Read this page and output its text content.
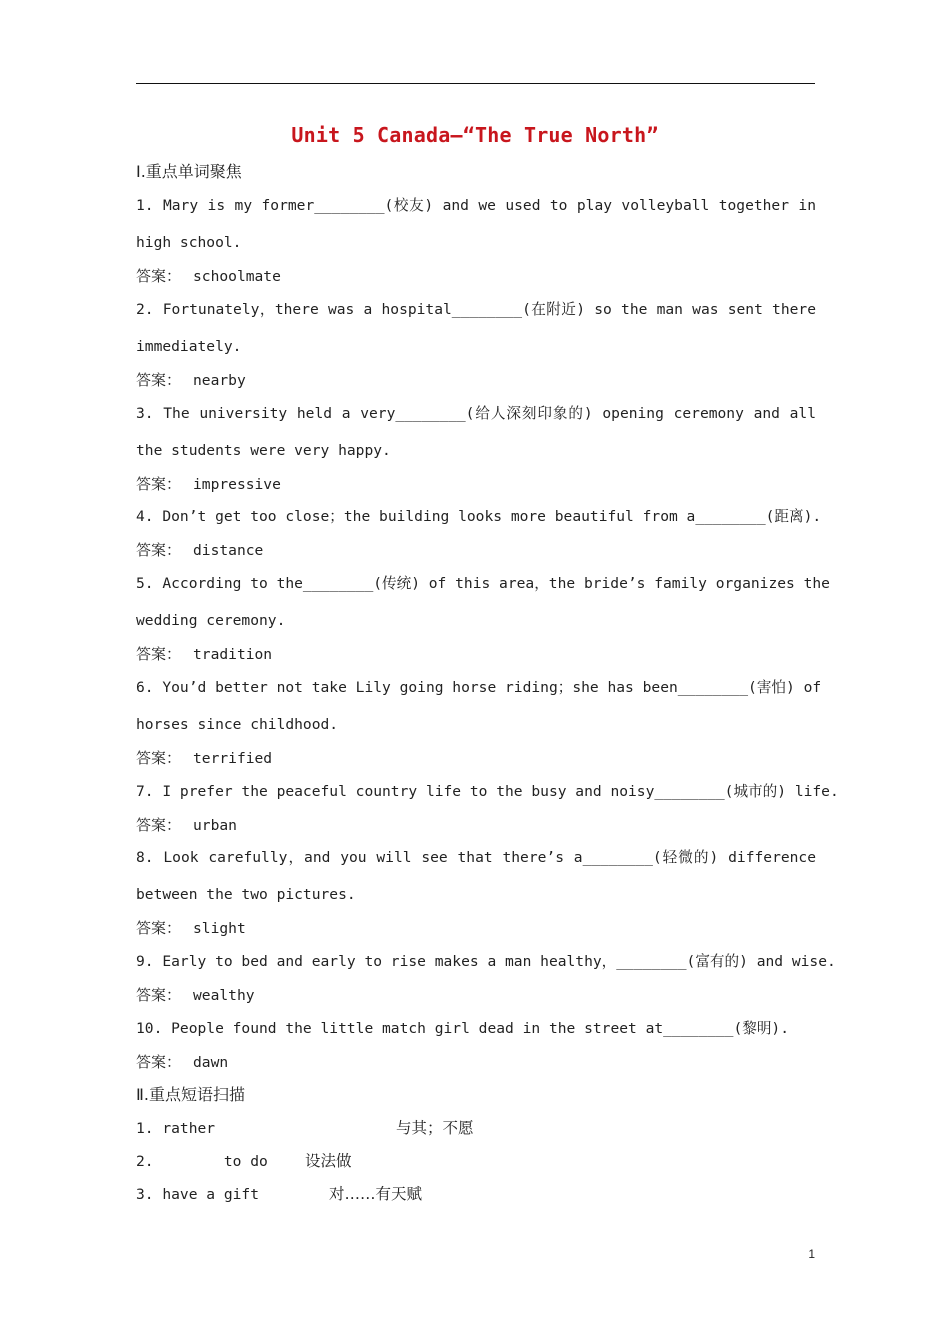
Unit 5 Canada—“The True North”
Ⅰ.重点单词聚焦
1. Mary is my former________(校友) and we used to play volleyball together in
high school.
答案： schoolmate
2. Fortunately，there was a hospital________(在附近) so the man was sent there
immediately.
答案： nearby
3. The university held a very________(给人深刻印象的) opening ceremony and all
the students were very happy.
答案： impressive
4. Don’t get too close；the building looks more beautiful from a________(距离).
答案： distance
5. According to the________(传统) of this area，the bride’s family organizes the
wedding ceremony.
答案： tradition
6. You’d better not take Lily going horse riding；she has been________(害怕) of
horses since childhood.
答案： terrified
7. I prefer the peaceful country life to the busy and noisy________(城市的) life.
答案： urban
8. Look carefully，and you will see that there’s a________(轻微的) difference
between the two pictures.
答案： slight
9. Early to bed and early to rise makes a man healthy，________(富有的) and wise.
答案： wealthy
10. People found the little match girl dead in the street at________(黎明).
答案： dawn
Ⅱ.重点短语扫描
1. rather	与其；不愿
2.        to do 设法做
3. have a gift	对……有天赋
1
